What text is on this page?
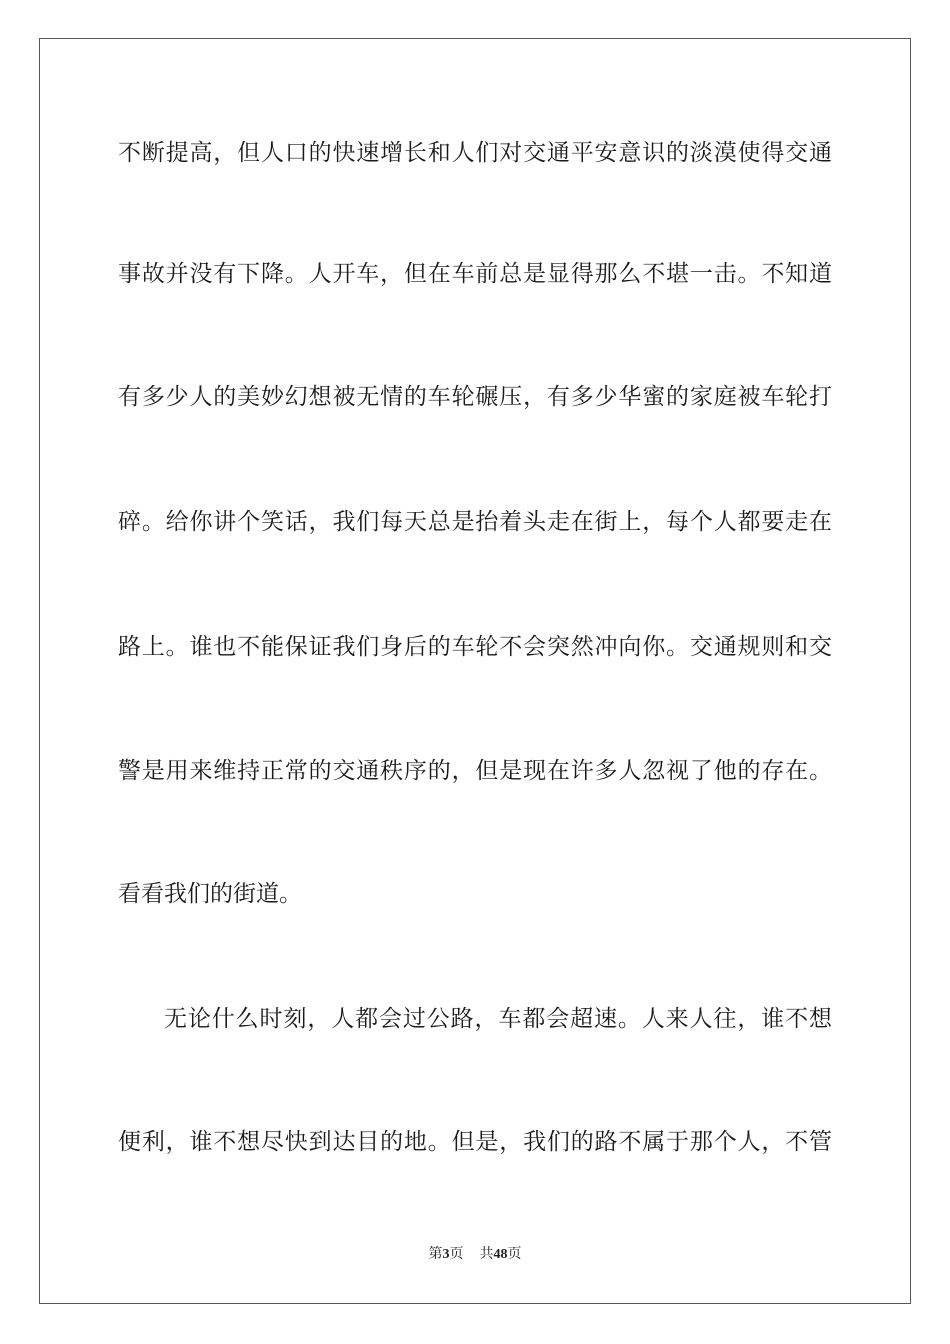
不断提高，但人口的快速增长和人们对交通平安意识的淡漠使得交通
事故并没有下降。人开车，但在车前总是显得那么不堪一击。不知道
有多少人的美妙幻想被无情的车轮碾压，有多少华蜜的家庭被车轮打
碎。给你讲个笑话，我们每天总是抬着头走在街上，每个人都要走在
路上。谁也不能保证我们身后的车轮不会突然冲向你。交通规则和交
警是用来维持正常的交通秩序的，但是现在许多人忽视了他的存在。
看看我们的街道。
无论什么时刻，人都会过公路，车都会超速。人来人往，谁不想
便利，谁不想尽快到达目的地。但是，我们的路不属于那个人，不管
第3页 共48页
